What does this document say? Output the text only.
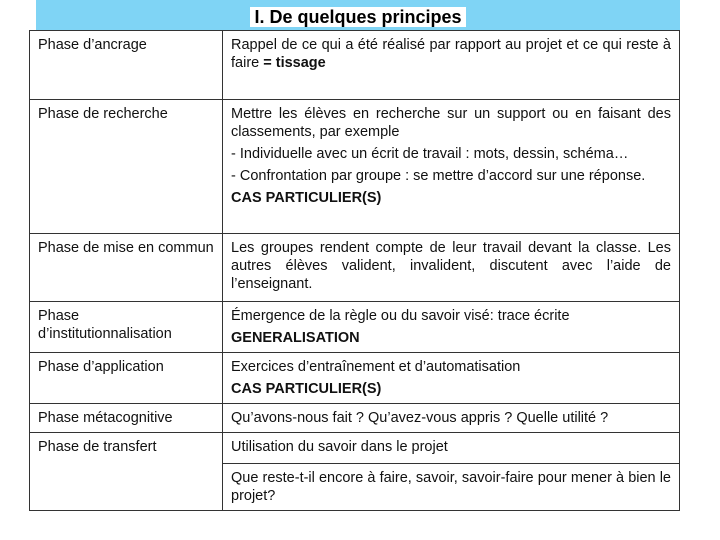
I. De quelques principes
Phase d’ancrage	Rappel de ce qui a été réalisé par rapport au projet et ce qui reste à faire = tissage
Phase de recherche	Mettre les élèves en recherche sur un support ou en faisant des classements, par exemple
- Individuelle avec un écrit de travail : mots, dessin, schéma…
- Confrontation par groupe : se mettre d’accord sur une réponse.
CAS PARTICULIER(S)

Phase de mise en commun	Les groupes rendent compte de leur travail devant la classe. Les autres élèves valident, invalident, discutent avec l’aide de l’enseignant.
Phase d’institutionnalisation	Émergence de la règle ou du savoir visé: trace écrite
GENERALISATION

Phase d’application	Exercices d’entraînement et d’automatisation
CAS PARTICULIER(S)

Phase métacognitive	Qu’avons-nous fait ? Qu’avez-vous appris ? Quelle utilité ?
Phase de transfert	Utilisation du savoir dans le projet
Que reste-t-il encore à faire, savoir, savoir-faire pour mener à bien le projet?
